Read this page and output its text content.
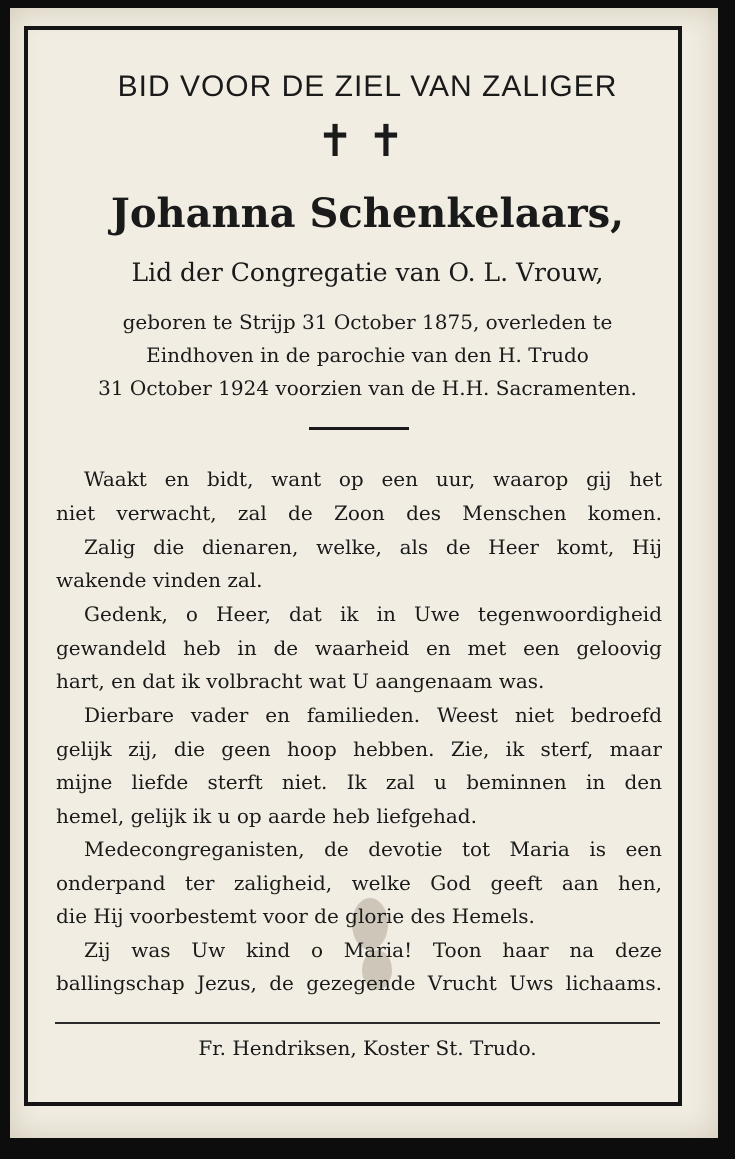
BID VOOR DE ZIEL VAN ZALIGER
✝✝
Johanna Schenkelaars,
Lid der Congregatie van O. L. Vrouw,
geboren te Strijp 31 October 1875, overleden te
Eindhoven in de parochie van den H. Trudo
31 October 1924 voorzien van de H.H. Sacramenten.
Waakt en bidt, want op een uur, waarop gij het
niet verwacht, zal de Zoon des Menschen komen.
Zalig die dienaren, welke, als de Heer komt, Hij
wakende vinden zal.
Gedenk, o Heer, dat ik in Uwe tegenwoordigheid
gewandeld heb in de waarheid en met een geloovig
hart, en dat ik volbracht wat U aangenaam was.
Dierbare vader en familieden. Weest niet bedroefd
gelijk zij, die geen hoop hebben. Zie, ik sterf, maar
mijne liefde sterft niet. Ik zal u beminnen in den
hemel, gelijk ik u op aarde heb liefgehad.
Medecongreganisten, de devotie tot Maria is een
onderpand ter zaligheid, welke God geeft aan hen,
die Hij voorbestemt voor de glorie des Hemels.
Zij was Uw kind o Maria! Toon haar na deze
ballingschap Jezus, de gezegende Vrucht Uws lichaams.
Fr. Hendriksen, Koster St. Trudo.
